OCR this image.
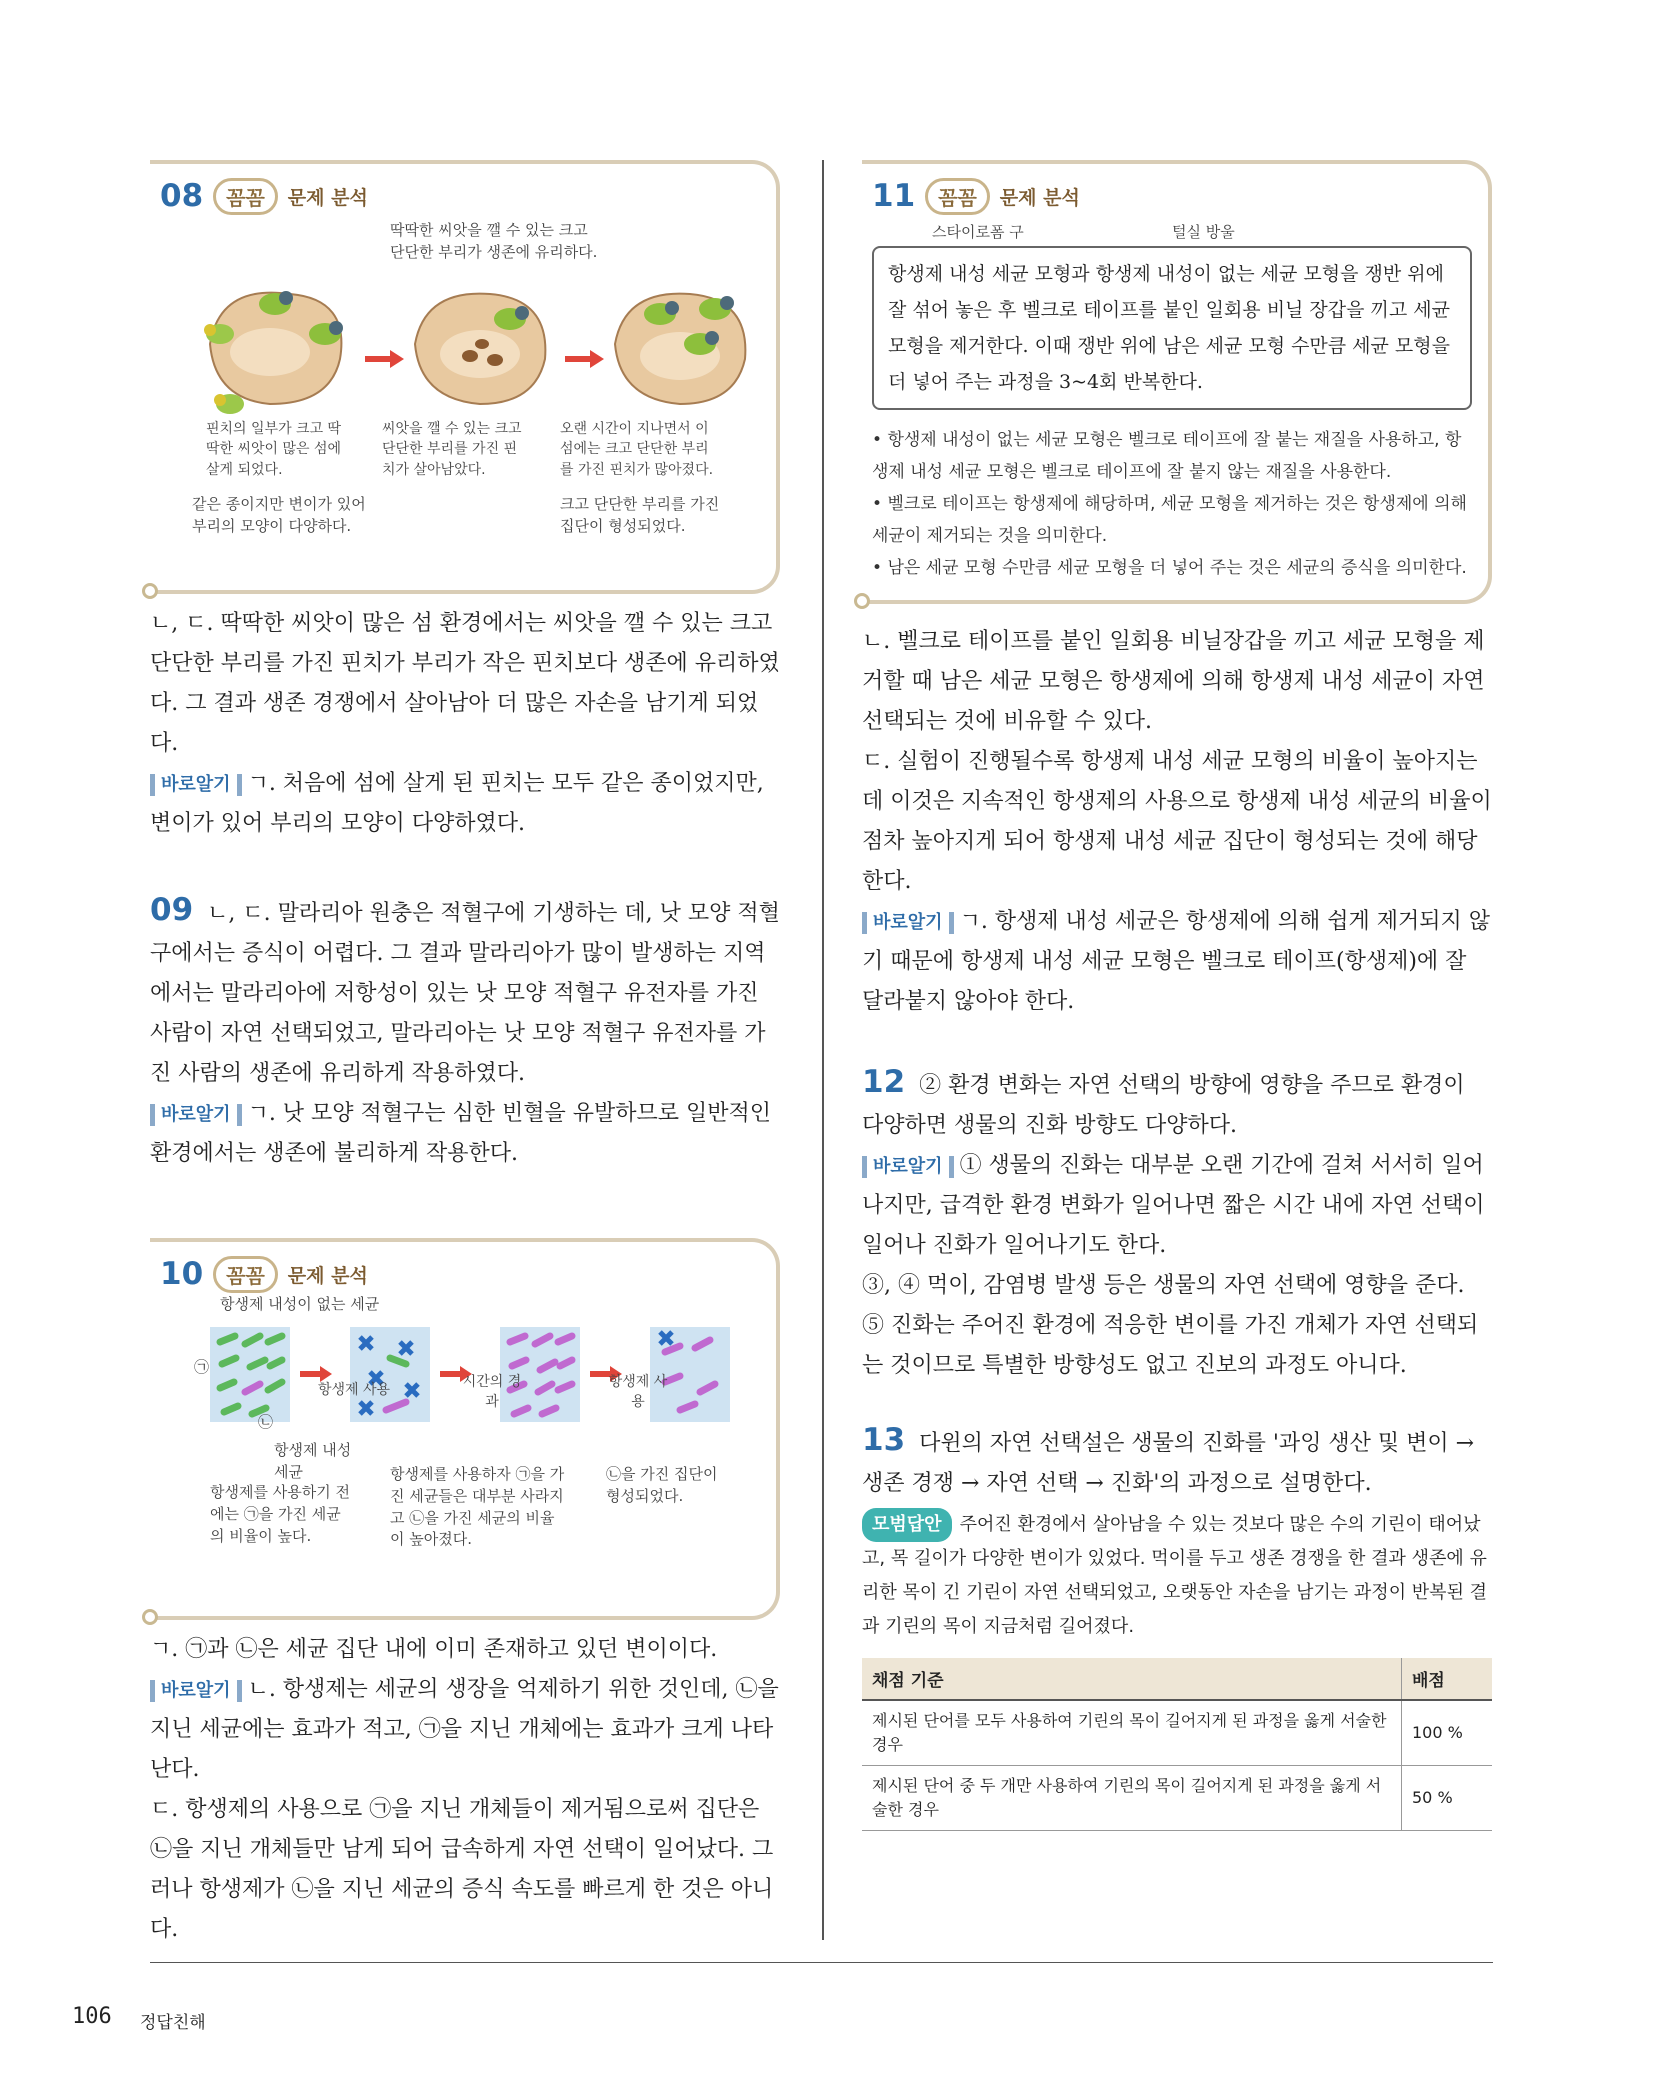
08	꼼꼼	문제 분석
딱딱한 씨앗을 깰 수 있는 크고
단단한 부리가 생존에 유리하다.
핀치의 일부가 크고 딱
딱한 씨앗이 많은 섬에
살게 되었다.
씨앗을 깰 수 있는 크고
단단한 부리를 가진 핀
치가 살아남았다.
오랜 시간이 지나면서 이
섬에는 크고 단단한 부리
를 가진 핀치가 많아졌다.
같은 종이지만 변이가 있어
부리의 모양이 다양하다.
크고 단단한 부리를 가진
집단이 형성되었다.
ㄴ, ㄷ. 딱딱한 씨앗이 많은 섬 환경에서는 씨앗을 깰 수 있는 크고 단단한 부리를 가진 핀치가 부리가 작은 핀치보다 생존에 유리하였다. 그 결과 생존 경쟁에서 살아남아 더 많은 자손을 남기게 되었다.
바로알기 ㄱ. 처음에 섬에 살게 된 핀치는 모두 같은 종이었지만, 변이가 있어 부리의 모양이 다양하였다.
09 ㄴ, ㄷ. 말라리아 원충은 적혈구에 기생하는 데, 낫 모양 적혈구에서는 증식이 어렵다. 그 결과 말라리아가 많이 발생하는 지역에서는 말라리아에 저항성이 있는 낫 모양 적혈구 유전자를 가진 사람이 자연 선택되었고, 말라리아는 낫 모양 적혈구 유전자를 가진 사람의 생존에 유리하게 작용하였다.
바로알기 ㄱ. 낫 모양 적혈구는 심한 빈혈을 유발하므로 일반적인 환경에서는 생존에 불리하게 작용한다.
10	꼼꼼	문제 분석
항생제 내성이 없는 세균
항생제 사용	시간의 경과
항생제 사용
㉠
㉡
항생제 내성
세균
항생제를 사용하기 전
에는 ㉠을 가진 세균
의 비율이 높다.
항생제를 사용하자 ㉠을 가
진 세균들은 대부분 사라지
고 ㉡을 가진 세균의 비율
이 높아졌다.
㉡을 가진 집단이
형성되었다.
ㄱ. ㉠과 ㉡은 세균 집단 내에 이미 존재하고 있던 변이이다.
바로알기 ㄴ. 항생제는 세균의 생장을 억제하기 위한 것인데, ㉡을 지닌 세균에는 효과가 적고, ㉠을 지닌 개체에는 효과가 크게 나타난다.
ㄷ. 항생제의 사용으로 ㉠을 지닌 개체들이 제거됨으로써 집단은 ㉡을 지닌 개체들만 남게 되어 급속하게 자연 선택이 일어났다. 그러나 항생제가 ㉡을 지닌 세균의 증식 속도를 빠르게 한 것은 아니다.
11	꼼꼼	문제 분석
스타이로폼 구	털실 방울
항생제 내성 세균 모형과 항생제 내성이 없는 세균 모형을 쟁반 위에 잘 섞어 놓은 후 벨크로 테이프를 붙인 일회용 비닐 장갑을 끼고 세균 모형을 제거한다. 이때 쟁반 위에 남은 세균 모형 수만큼 세균 모형을 더 넣어 주는 과정을 3~4회 반복한다.
• 항생제 내성이 없는 세균 모형은 벨크로 테이프에 잘 붙는 재질을 사용하고, 항생제 내성 세균 모형은 벨크로 테이프에 잘 붙지 않는 재질을 사용한다.
• 벨크로 테이프는 항생제에 해당하며, 세균 모형을 제거하는 것은 항생제에 의해 세균이 제거되는 것을 의미한다.
• 남은 세균 모형 수만큼 세균 모형을 더 넣어 주는 것은 세균의 증식을 의미한다.
ㄴ. 벨크로 테이프를 붙인 일회용 비닐장갑을 끼고 세균 모형을 제거할 때 남은 세균 모형은 항생제에 의해 항생제 내성 세균이 자연 선택되는 것에 비유할 수 있다.
ㄷ. 실험이 진행될수록 항생제 내성 세균 모형의 비율이 높아지는데 이것은 지속적인 항생제의 사용으로 항생제 내성 세균의 비율이 점차 높아지게 되어 항생제 내성 세균 집단이 형성되는 것에 해당한다.
바로알기 ㄱ. 항생제 내성 세균은 항생제에 의해 쉽게 제거되지 않기 때문에 항생제 내성 세균 모형은 벨크로 테이프(항생제)에 잘 달라붙지 않아야 한다.
12 ② 환경 변화는 자연 선택의 방향에 영향을 주므로 환경이 다양하면 생물의 진화 방향도 다양하다.
바로알기 ① 생물의 진화는 대부분 오랜 기간에 걸쳐 서서히 일어나지만, 급격한 환경 변화가 일어나면 짧은 시간 내에 자연 선택이 일어나 진화가 일어나기도 한다.
③, ④ 먹이, 감염병 발생 등은 생물의 자연 선택에 영향을 준다.
⑤ 진화는 주어진 환경에 적응한 변이를 가진 개체가 자연 선택되는 것이므로 특별한 방향성도 없고 진보의 과정도 아니다.
13 다윈의 자연 선택설은 생물의 진화를 '과잉 생산 및 변이 → 생존 경쟁 → 자연 선택 → 진화'의 과정으로 설명한다.
모범답안 주어진 환경에서 살아남을 수 있는 것보다 많은 수의 기린이 태어났고, 목 길이가 다양한 변이가 있었다. 먹이를 두고 생존 경쟁을 한 결과 생존에 유리한 목이 긴 기린이 자연 선택되었고, 오랫동안 자손을 남기는 과정이 반복된 결과 기린의 목이 지금처럼 길어졌다.
채점 기준	배점
제시된 단어를 모두 사용하여 기린의 목이 길어지게 된 과정을 옳게 서술한 경우	100 %
제시된 단어 중 두 개만 사용하여 기린의 목이 길어지게 된 과정을 옳게 서술한 경우	50 %
106 정답친해
